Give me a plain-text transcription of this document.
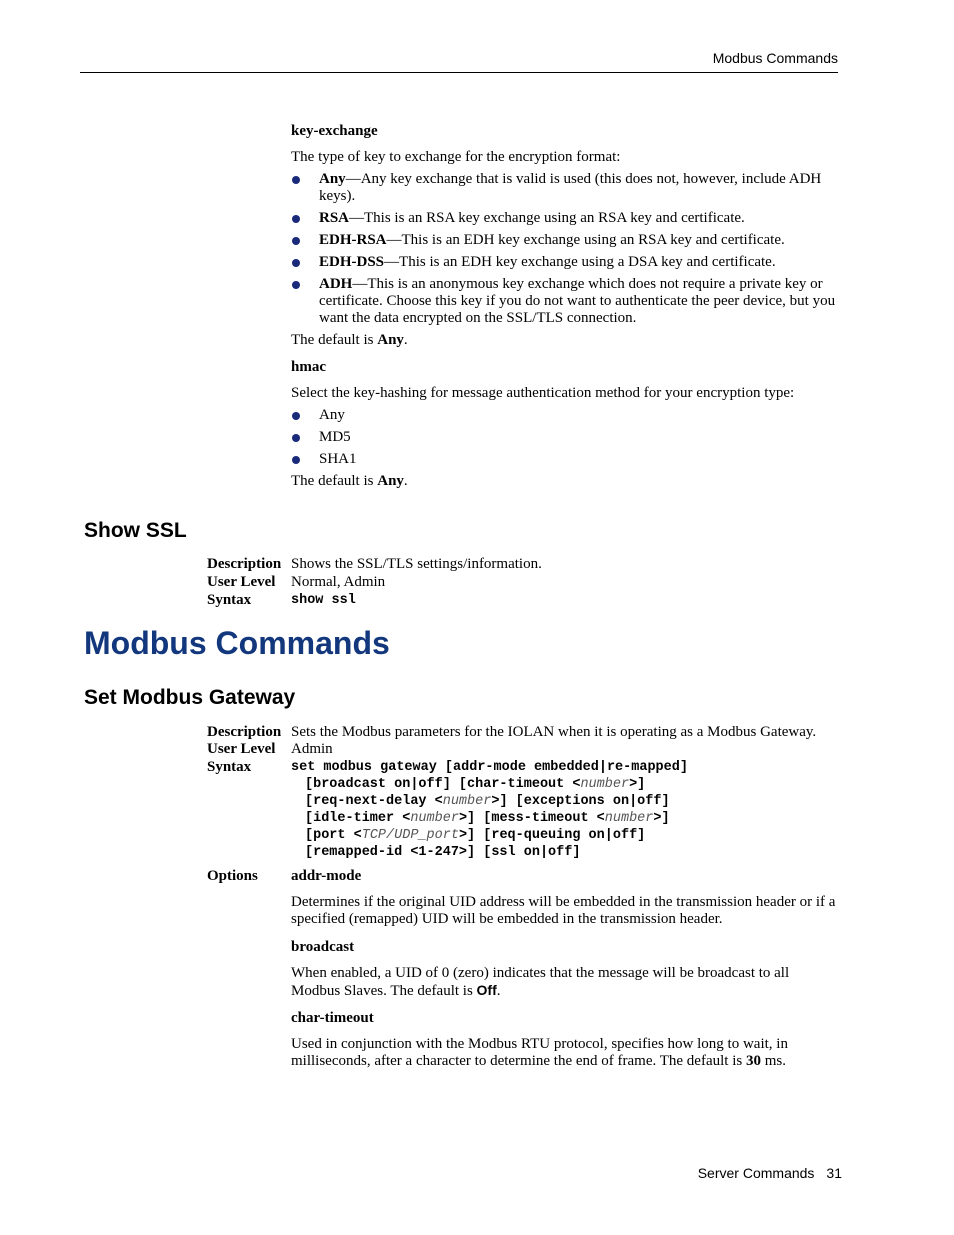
Modbus Commands
key-exchange
The type of key to exchange for the encryption format:
Any—Any key exchange that is valid is used (this does not, however, include ADH keys).
RSA—This is an RSA key exchange using an RSA key and certificate.
EDH-RSA—This is an EDH key exchange using an RSA key and certificate.
EDH-DSS—This is an EDH key exchange using a DSA key and certificate.
ADH—This is an anonymous key exchange which does not require a private key or certificate. Choose this key if you do not want to authenticate the peer device, but you want the data encrypted on the SSL/TLS connection.
The default is Any.
hmac
Select the key-hashing for message authentication method for your encryption type:
Any
MD5
SHA1
The default is Any.
Show SSL
Description Shows the SSL/TLS settings/information.
User Level Normal, Admin
Syntax	show ssl
Modbus Commands
Set Modbus Gateway
Description Sets the Modbus parameters for the IOLAN when it is operating as a Modbus Gateway.
User Level Admin
Syntax	set modbus gateway [addr-mode embedded|re-mapped]
[broadcast on|off] [char-timeout <number>]
[req-next-delay <number>] [exceptions on|off]
[idle-timer <number>] [mess-timeout <number>]
[port <TCP/UDP_port>] [req-queuing on|off]
[remapped-id <1-247>] [ssl on|off]
Options addr-mode
Determines if the original UID address will be embedded in the transmission header or if a specified (remapped) UID will be embedded in the transmission header.
broadcast
When enabled, a UID of 0 (zero) indicates that the message will be broadcast to all Modbus Slaves. The default is Off.
char-timeout
Used in conjunction with the Modbus RTU protocol, specifies how long to wait, in milliseconds, after a character to determine the end of frame. The default is 30 ms.
Server Commands 31
